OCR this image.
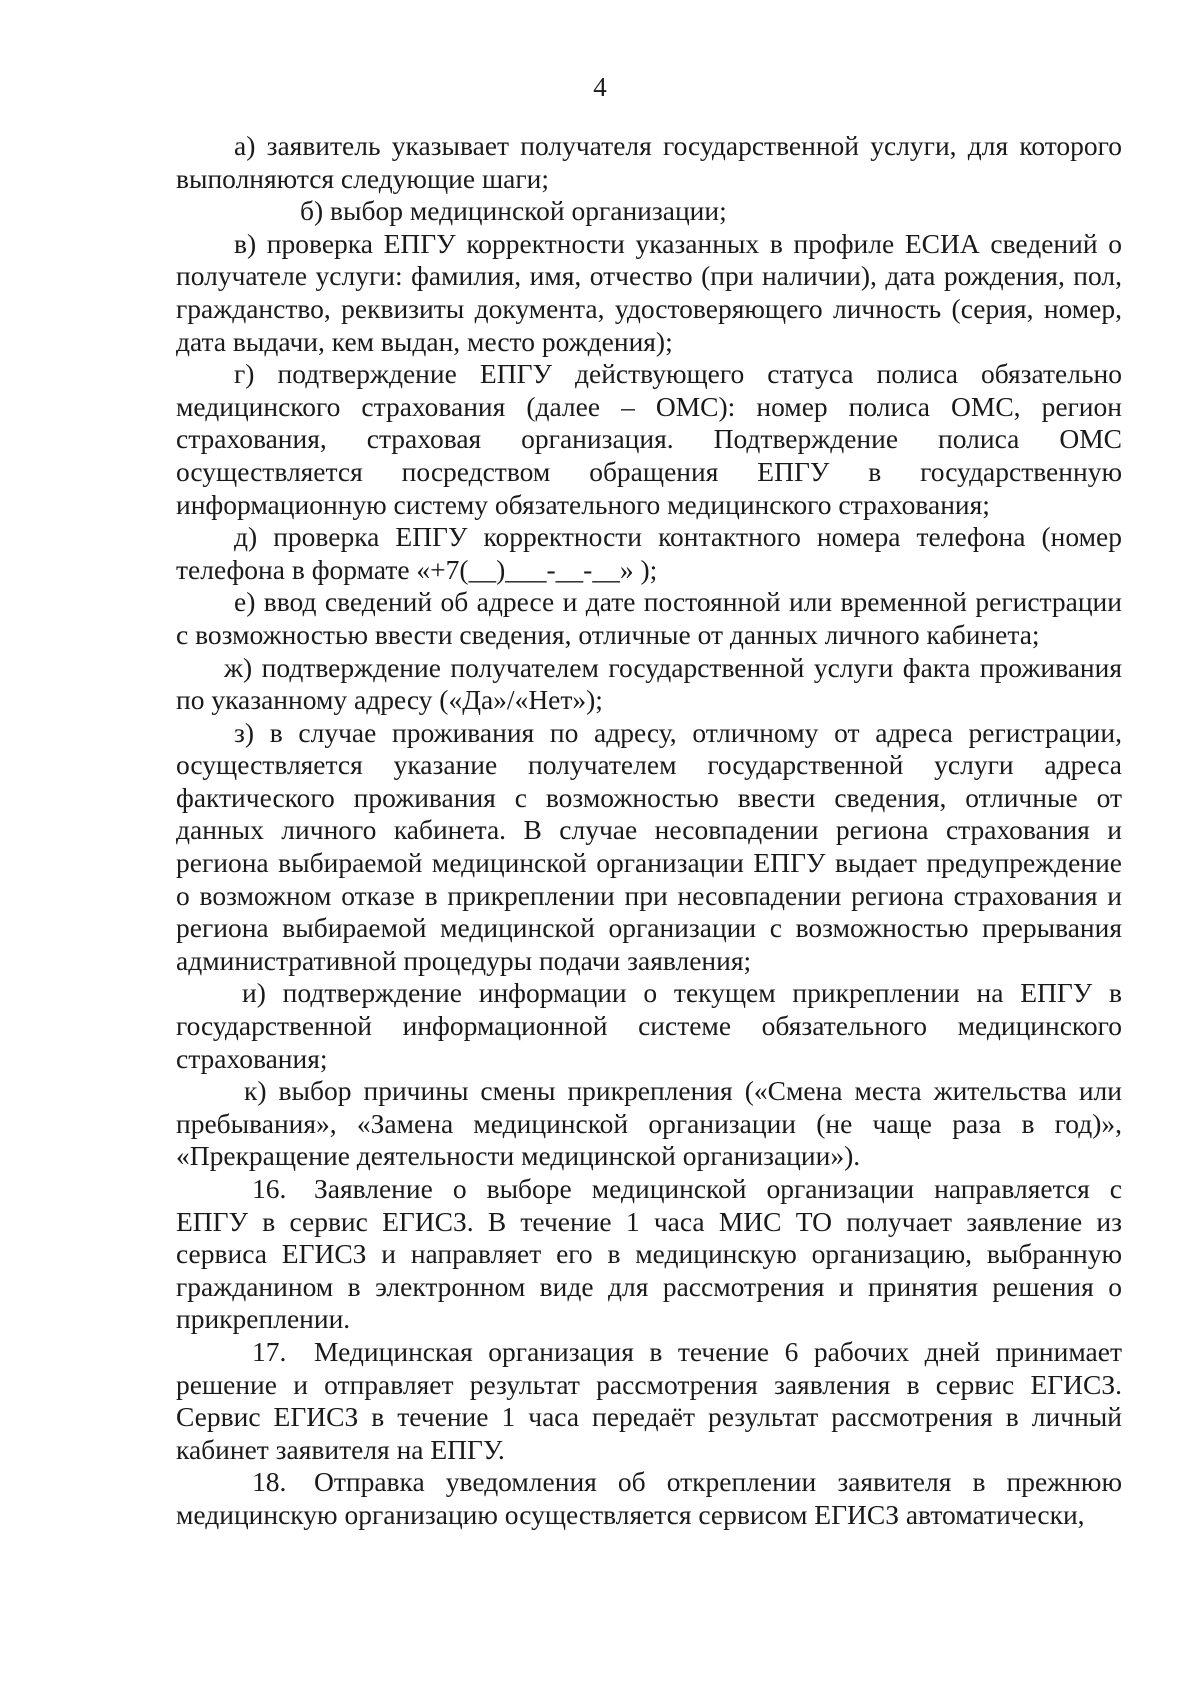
4

а) заявитель указывает получателя государственной услуги, для которого выполняются следующие шаги;

б) выбор медицинской организации;

в) проверка ЕПГУ корректности указанных в профиле ЕСИА сведений о получателе услуги: фамилия, имя, отчество (при наличии), дата рождения, пол, гражданство, реквизиты документа, удостоверяющего личность (серия, номер, дата выдачи, кем выдан, место рождения);

г) подтверждение ЕПГУ действующего статуса полиса обязательно медицинского страхования (далее – ОМС): номер полиса ОМС, регион страхования, страховая организация. Подтверждение полиса ОМС осуществляется посредством обращения ЕПГУ в государственную информационную систему обязательного медицинского страхования;

д) проверка ЕПГУ корректности контактного номера телефона (номер телефона в формате «+7(__)___-__-__» );

е) ввод сведений об адресе и дате постоянной или временной регистрации с возможностью ввести сведения, отличные от данных личного кабинета;

ж) подтверждение получателем государственной услуги факта проживания по указанному адресу («Да»/«Нет»);

з) в случае проживания по адресу, отличному от адреса регистрации, осуществляется указание получателем государственной услуги адреса фактического проживания с возможностью ввести сведения, отличные от данных личного кабинета. В случае несовпадении региона страхования и региона выбираемой медицинской организации ЕПГУ выдает предупреждение о возможном отказе в прикреплении при несовпадении региона страхования и региона выбираемой медицинской организации с возможностью прерывания административной процедуры подачи заявления;

и) подтверждение информации о текущем прикреплении на ЕПГУ в государственной информационной системе обязательного медицинского страхования;

к) выбор причины смены прикрепления («Смена места жительства или пребывания», «Замена медицинской организации (не чаще раза в год)», «Прекращение деятельности медицинской организации»).

16. Заявление о выборе медицинской организации направляется с ЕПГУ в сервис ЕГИСЗ. В течение 1 часа МИС ТО получает заявление из сервиса ЕГИСЗ и направляет его в медицинскую организацию, выбранную гражданином в электронном виде для рассмотрения и принятия решения о прикреплении.

17. Медицинская организация в течение 6 рабочих дней принимает решение и отправляет результат рассмотрения заявления в сервис ЕГИСЗ. Сервис ЕГИСЗ в течение 1 часа передаёт результат рассмотрения в личный кабинет заявителя на ЕПГУ.

18. Отправка уведомления об откреплении заявителя в прежнюю медицинскую организацию осуществляется сервисом ЕГИСЗ автоматически,
